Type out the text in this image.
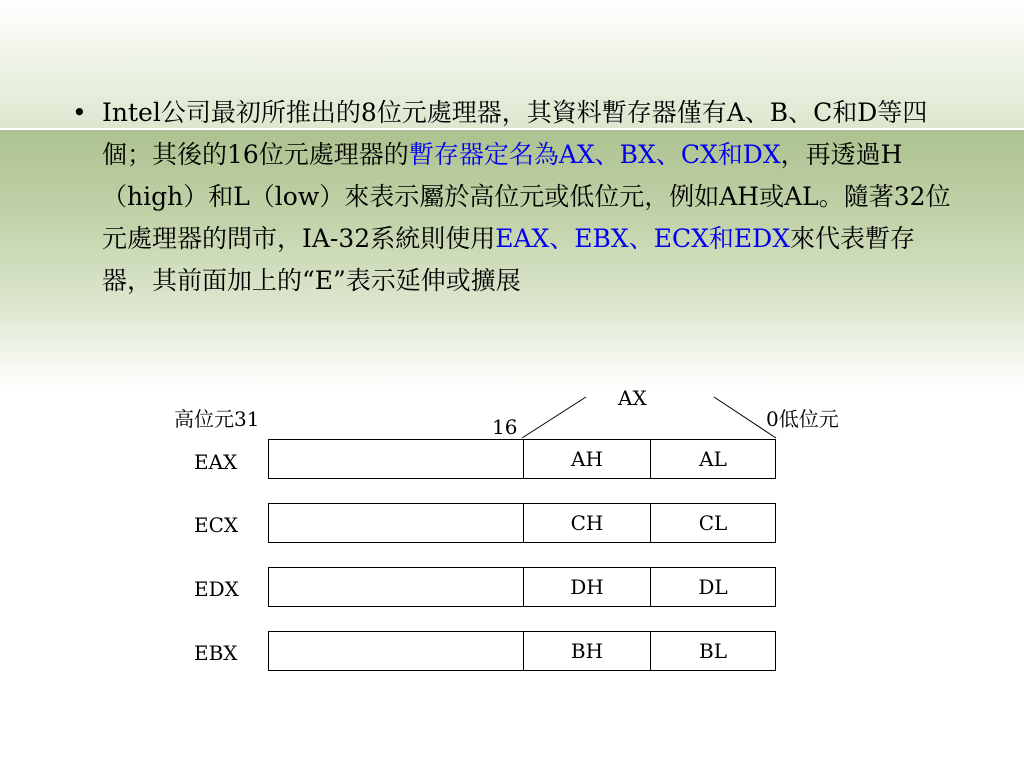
• Intel公司最初所推出的8位元處理器，其資料暫存器僅有A、B、C和D等四個；其後的16位元處理器的暫存器定名為AX、BX、CX和DX，再透過H（high）和L（low）來表示屬於高位元或低位元，例如AH或AL。隨著32位元處理器的問市，IA-32系統則使用EAX、EBX、ECX和EDX來代表暫存器，其前面加上的“E”表示延伸或擴展
高位元31	16
AX
0低位元
EAX	AH	AL
ECX	CH	CL
EDX	DH	DL
EBX	BH	BL
